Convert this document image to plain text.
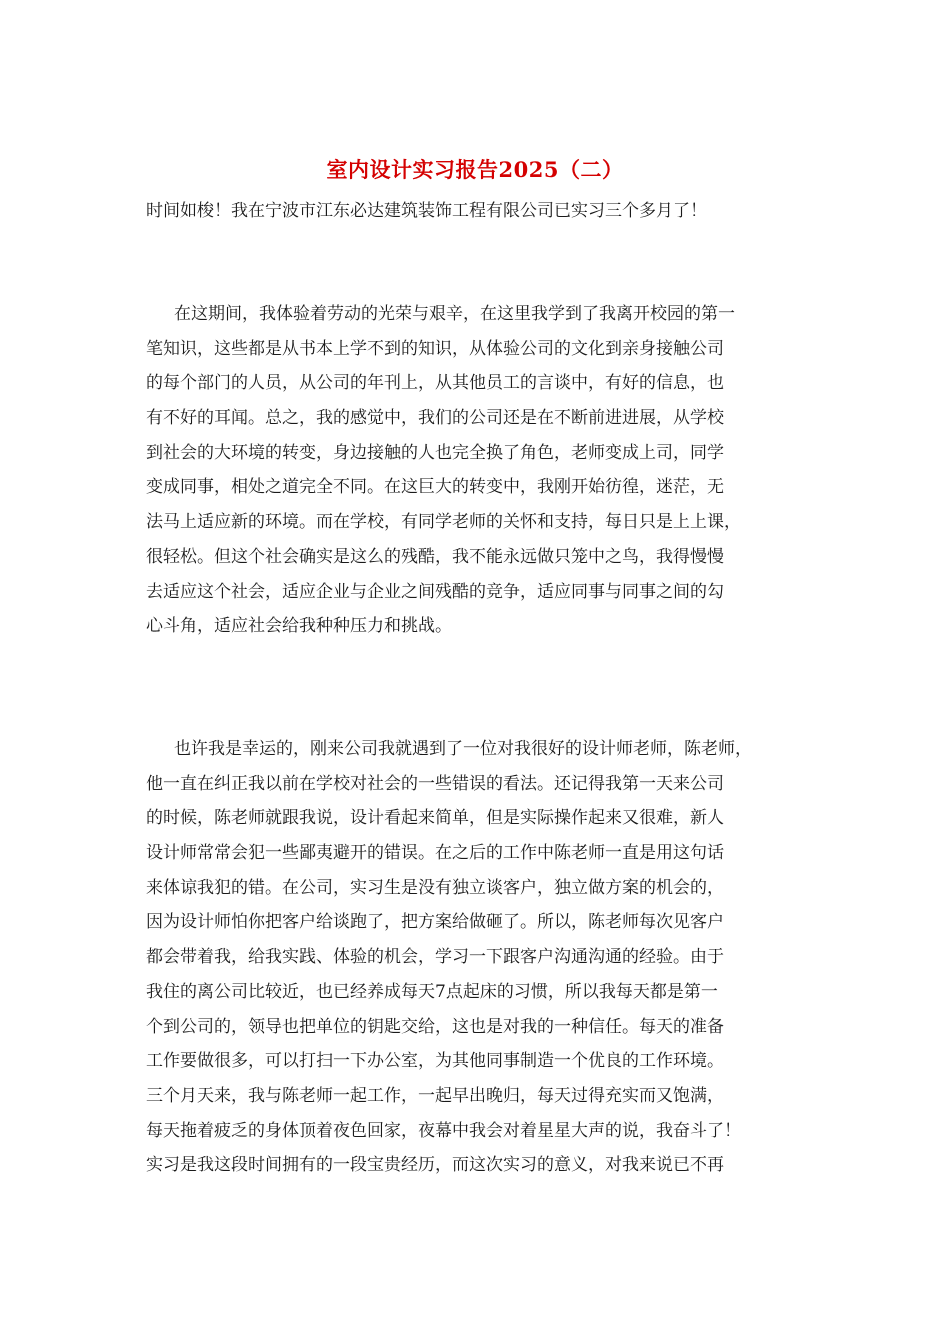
室内设计实习报告2025（二）
时间如梭！我在宁波市江东必达建筑装饰工程有限公司已实习三个多月了！
在这期间，我体验着劳动的光荣与艰辛，在这里我学到了我离开校园的第一
笔知识，这些都是从书本上学不到的知识，从体验公司的文化到亲身接触公司
的每个部门的人员，从公司的年刊上，从其他员工的言谈中，有好的信息，也
有不好的耳闻。总之，我的感觉中，我们的公司还是在不断前进进展，从学校
到社会的大环境的转变，身边接触的人也完全换了角色，老师变成上司，同学
变成同事，相处之道完全不同。在这巨大的转变中，我刚开始彷徨，迷茫，无
法马上适应新的环境。而在学校，有同学老师的关怀和支持，每日只是上上课，
很轻松。但这个社会确实是这么的残酷，我不能永远做只笼中之鸟，我得慢慢
去适应这个社会，适应企业与企业之间残酷的竞争，适应同事与同事之间的勾
心斗角，适应社会给我种种压力和挑战。
也许我是幸运的，刚来公司我就遇到了一位对我很好的设计师老师，陈老师，
他一直在纠正我以前在学校对社会的一些错误的看法。还记得我第一天来公司
的时候，陈老师就跟我说，设计看起来简单，但是实际操作起来又很难，新人
设计师常常会犯一些鄙夷避开的错误。在之后的工作中陈老师一直是用这句话
来体谅我犯的错。在公司，实习生是没有独立谈客户，独立做方案的机会的，
因为设计师怕你把客户给谈跑了，把方案给做砸了。所以，陈老师每次见客户
都会带着我，给我实践、体验的机会，学习一下跟客户沟通沟通的经验。由于
我住的离公司比较近，也已经养成每天7点起床的习惯，所以我每天都是第一
个到公司的，领导也把单位的钥匙交给，这也是对我的一种信任。每天的准备
工作要做很多，可以打扫一下办公室，为其他同事制造一个优良的工作环境。
三个月天来，我与陈老师一起工作，一起早出晚归，每天过得充实而又饱满，
每天拖着疲乏的身体顶着夜色回家，夜幕中我会对着星星大声的说，我奋斗了！
实习是我这段时间拥有的一段宝贵经历，而这次实习的意义，对我来说已不再
